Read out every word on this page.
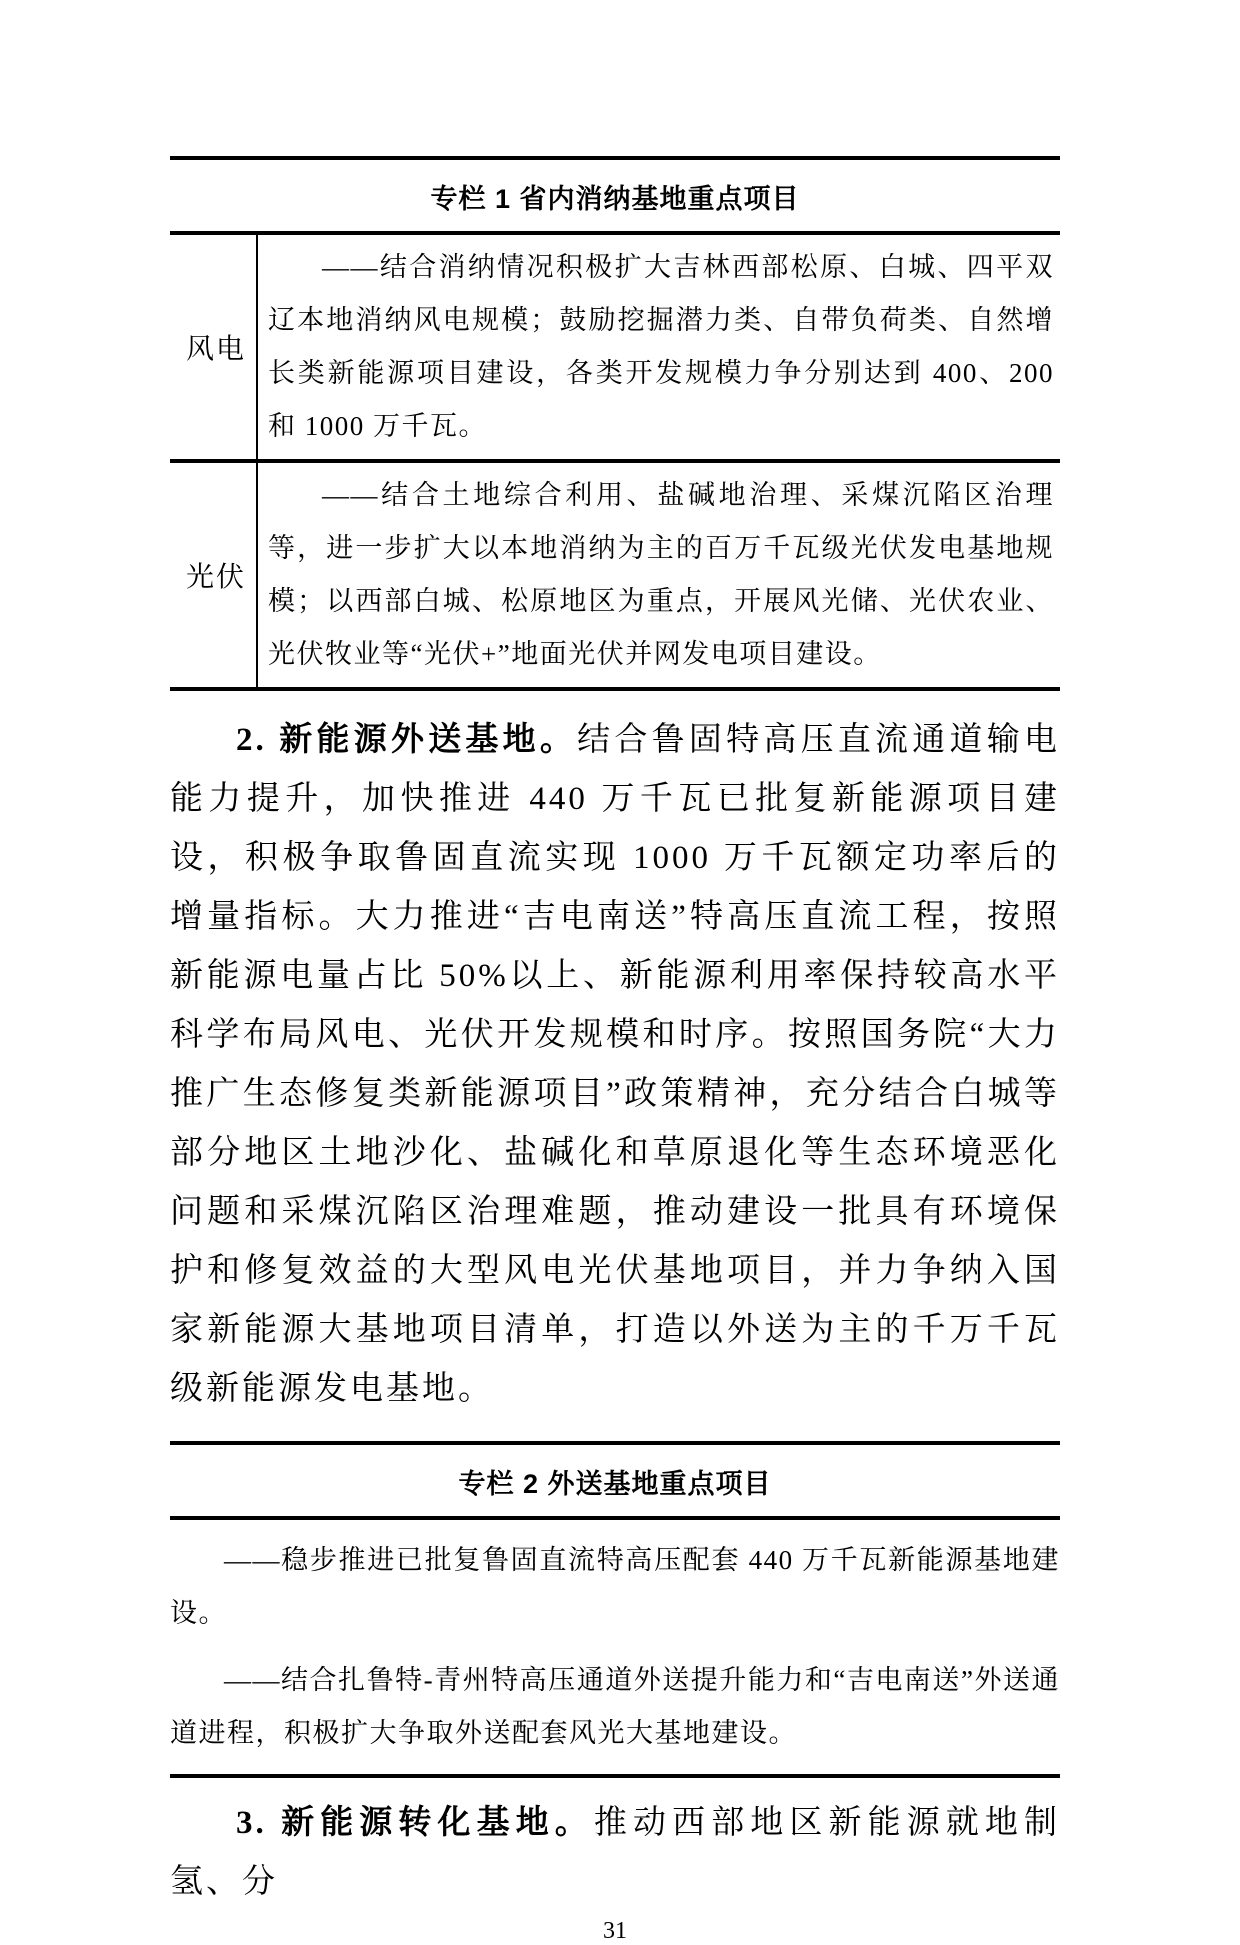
专栏 1 省内消纳基地重点项目
风电
——结合消纳情况积极扩大吉林西部松原、白城、四平双辽本地消纳风电规模；鼓励挖掘潜力类、自带负荷类、自然增长类新能源项目建设，各类开发规模力争分别达到 400、200 和 1000 万千瓦。
光伏
——结合土地综合利用、盐碱地治理、采煤沉陷区治理等，进一步扩大以本地消纳为主的百万千瓦级光伏发电基地规模；以西部白城、松原地区为重点，开展风光储、光伏农业、光伏牧业等“光伏+”地面光伏并网发电项目建设。

2. 新能源外送基地。结合鲁固特高压直流通道输电能力提升，加快推进 440 万千瓦已批复新能源项目建设，积极争取鲁固直流实现 1000 万千瓦额定功率后的增量指标。大力推进“吉电南送”特高压直流工程，按照新能源电量占比 50%以上、新能源利用率保持较高水平科学布局风电、光伏开发规模和时序。按照国务院“大力推广生态修复类新能源项目”政策精神，充分结合白城等部分地区土地沙化、盐碱化和草原退化等生态环境恶化问题和采煤沉陷区治理难题，推动建设一批具有环境保护和修复效益的大型风电光伏基地项目，并力争纳入国家新能源大基地项目清单，打造以外送为主的千万千瓦级新能源发电基地。

专栏 2 外送基地重点项目

——稳步推进已批复鲁固直流特高压配套 440 万千瓦新能源基地建设。

——结合扎鲁特-青州特高压通道外送提升能力和“吉电南送”外送通道进程，积极扩大争取外送配套风光大基地建设。

3. 新能源转化基地。推动西部地区新能源就地制氢、分

31
